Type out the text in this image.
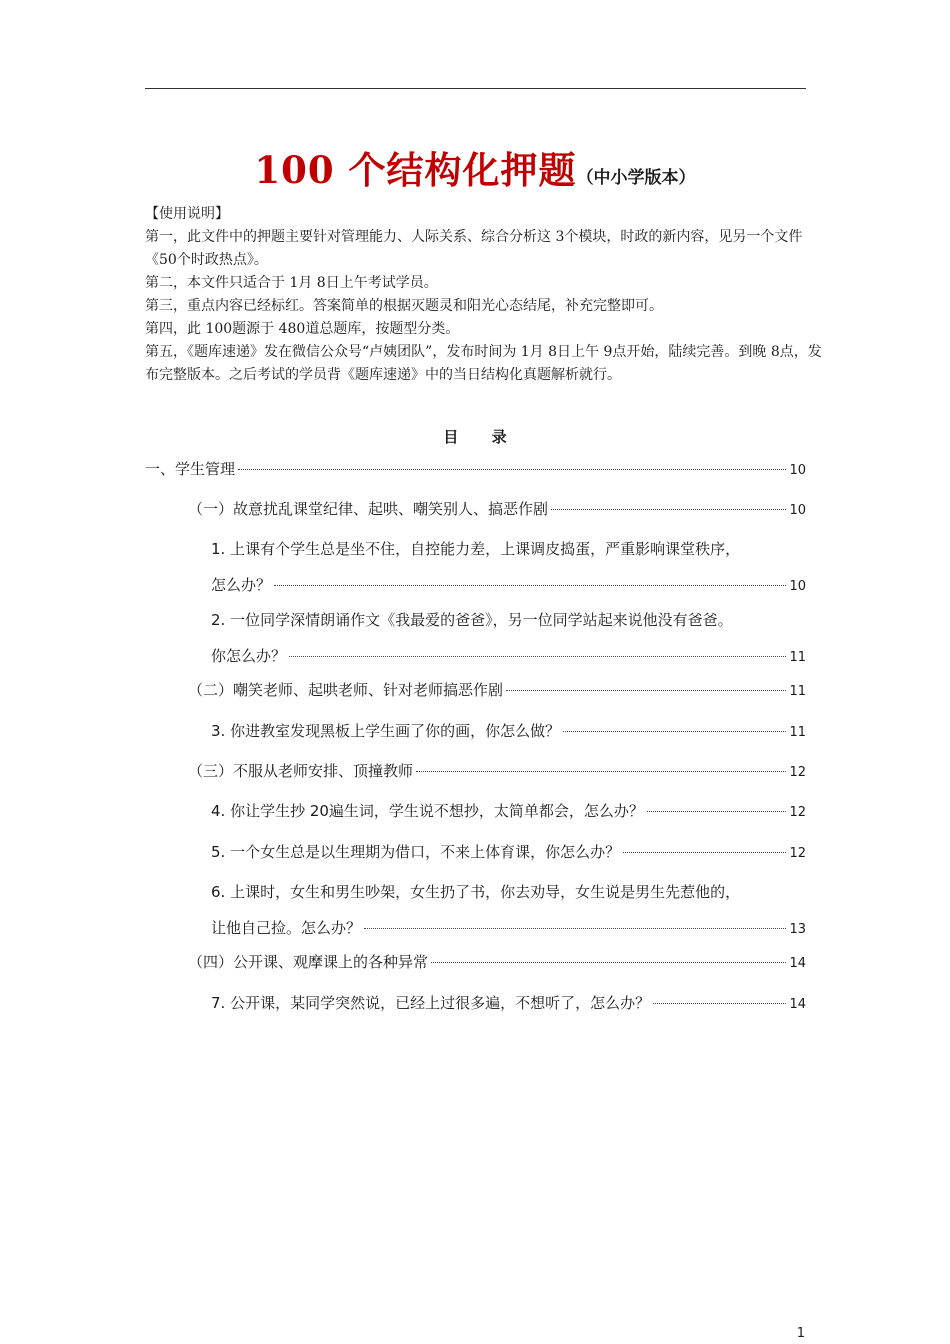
100 个结构化押题（中小学版本）

【使用说明】

第一，此文件中的押题主要针对管理能力、人际关系、综合分析这 3个模块，时政的新内容，见另一个文件《50个时政热点》。

第二，本文件只适合于 1月 8日上午考试学员。

第三，重点内容已经标红。答案简单的根据灭题灵和阳光心态结尾，补充完整即可。

第四，此 100题源于 480道总题库，按题型分类。

第五，《题库速递》发在微信公众号“卢姨团队”，发布时间为 1月 8日上午 9点开始，陆续完善。到晚 8点，发布完整版本。之后考试的学员背《题库速递》中的当日结构化真题解析就行。

目 录
一、学生管理	10
（一）故意扰乱课堂纪律、起哄、嘲笑别人、搞恶作剧	10
1. 上课有个学生总是坐不住，自控能力差，上课调皮捣蛋，严重影响课堂秩序，
怎么办？	10
2. 一位同学深情朗诵作文《我最爱的爸爸》，另一位同学站起来说他没有爸爸。
你怎么办？	11
（二）嘲笑老师、起哄老师、针对老师搞恶作剧	11
3. 你进教室发现黑板上学生画了你的画，你怎么做？	11
（三）不服从老师安排、顶撞教师	12
4. 你让学生抄 20遍生词，学生说不想抄，太简单都会，怎么办？	12
5. 一个女生总是以生理期为借口，不来上体育课，你怎么办？	12
6. 上课时，女生和男生吵架，女生扔了书，你去劝导，女生说是男生先惹他的，
让他自己捡。怎么办？	13
（四）公开课、观摩课上的各种异常	14
7. 公开课，某同学突然说，已经上过很多遍，不想听了，怎么办？	14
1
